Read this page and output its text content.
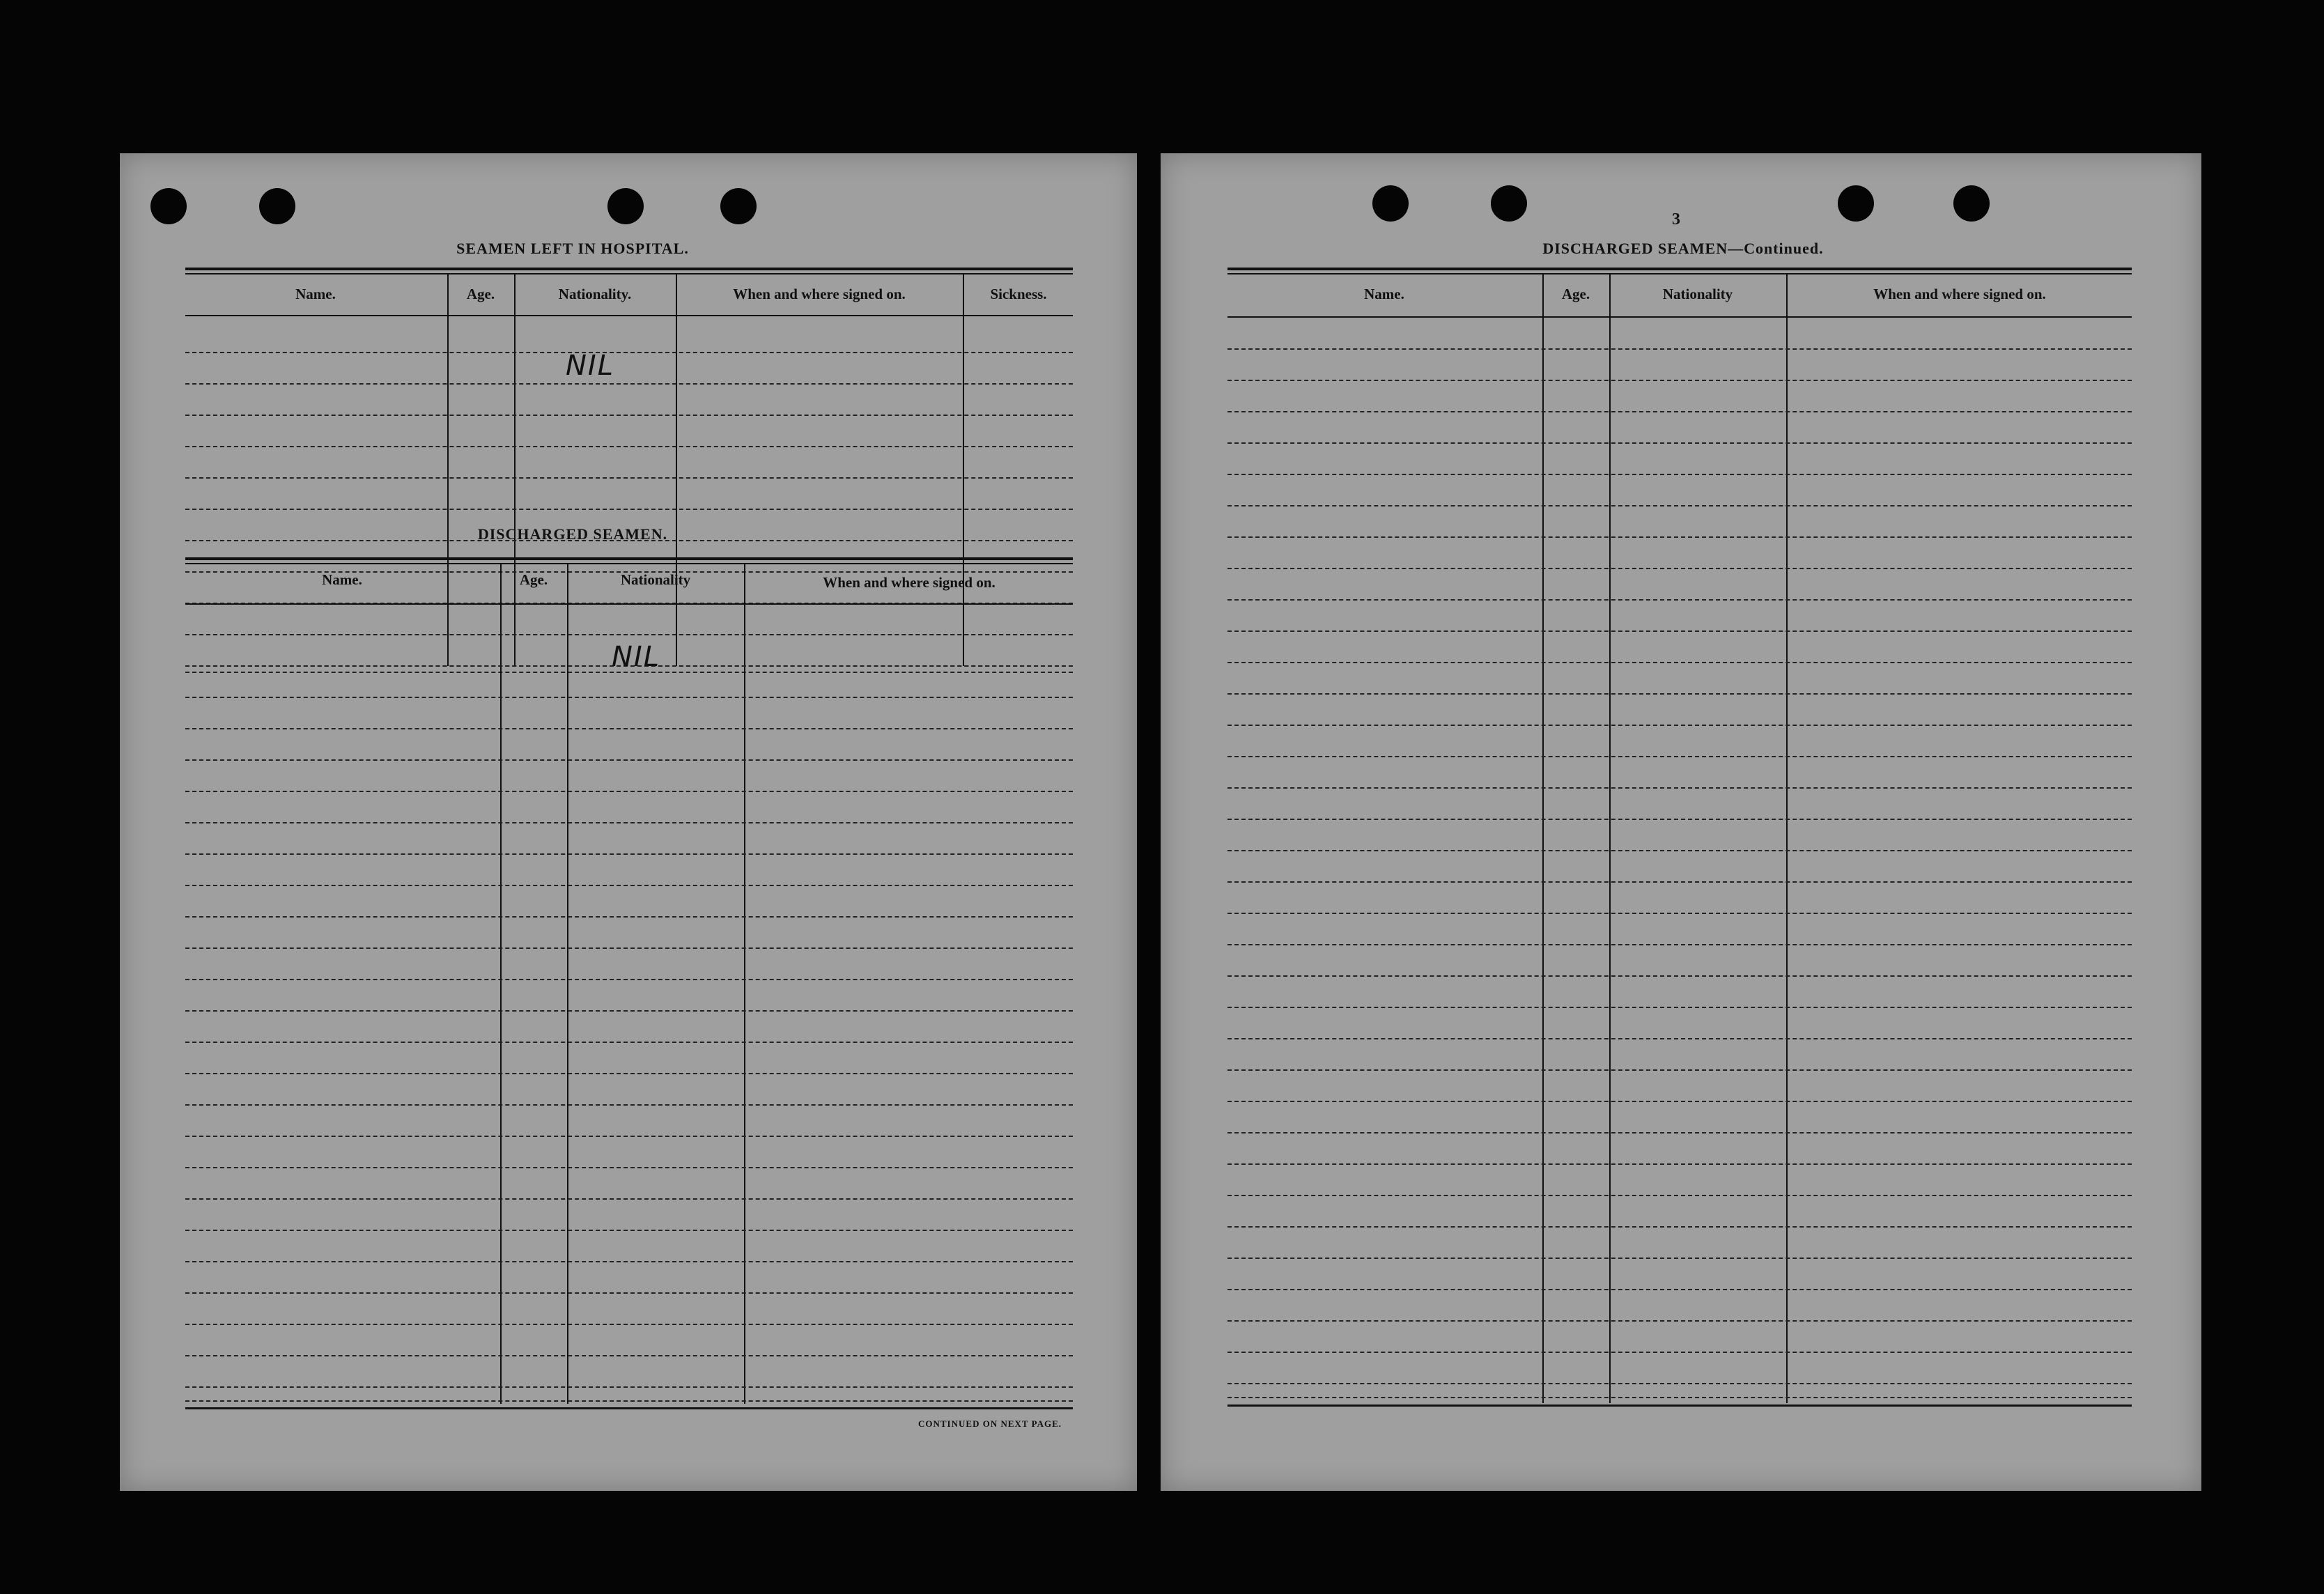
SEAMEN LEFT IN HOSPITAL.
Name.	Age.	Nationality.	When and where signed on.	Sickness.
NIL
DISCHARGED SEAMEN.
Name.	Age.	Nationality	When and where signed on.
NIL
CONTINUED ON NEXT PAGE.
3
DISCHARGED SEAMEN—Continued.
Name.	Age.	Nationality	When and where signed on.
